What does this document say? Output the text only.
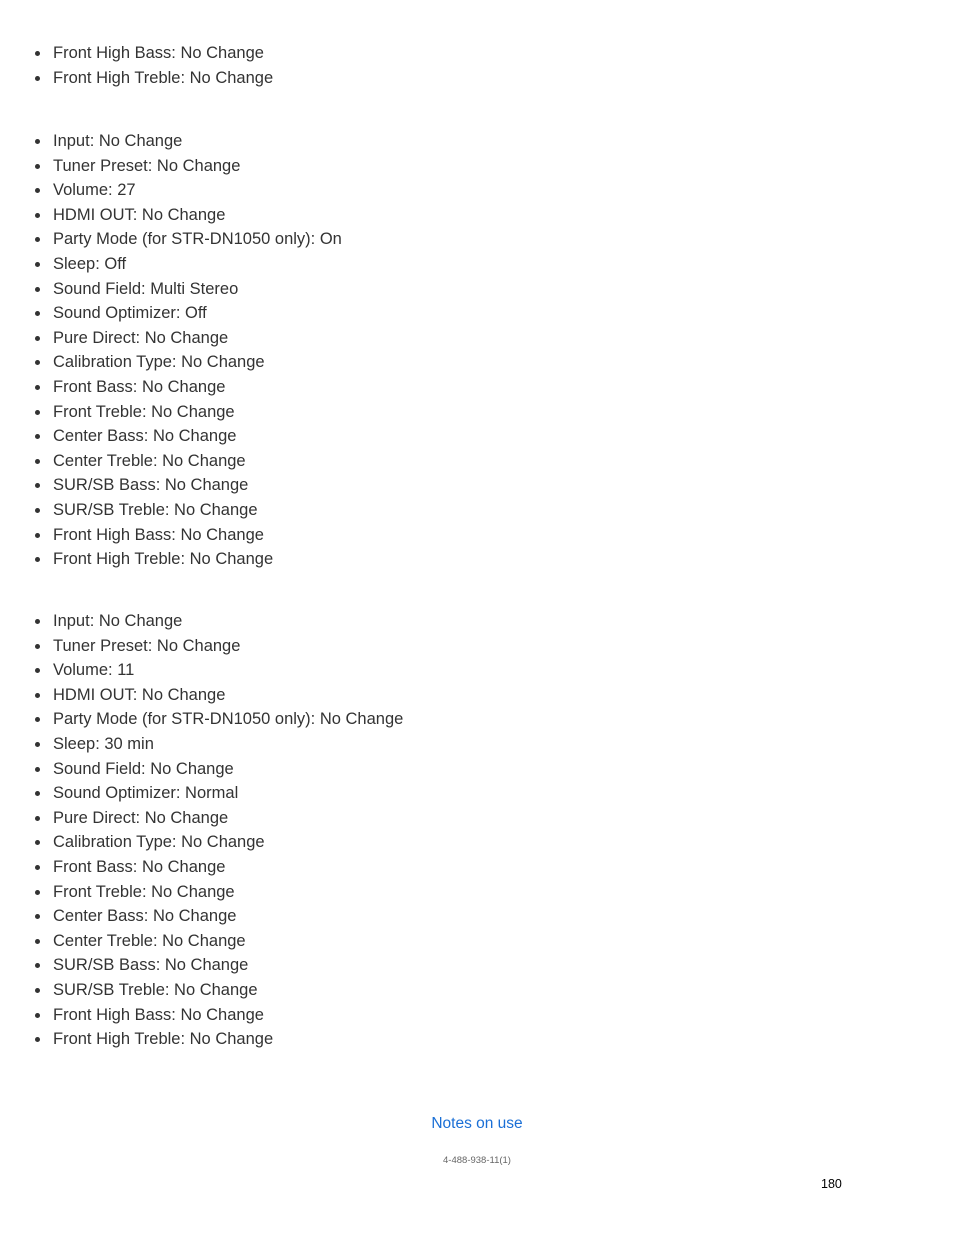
Front High Bass: No Change
Front High Treble: No Change
Input: No Change
Tuner Preset: No Change
Volume: 27
HDMI OUT: No Change
Party Mode (for STR-DN1050 only): On
Sleep: Off
Sound Field: Multi Stereo
Sound Optimizer: Off
Pure Direct: No Change
Calibration Type: No Change
Front Bass: No Change
Front Treble: No Change
Center Bass: No Change
Center Treble: No Change
SUR/SB Bass: No Change
SUR/SB Treble: No Change
Front High Bass: No Change
Front High Treble: No Change
Input: No Change
Tuner Preset: No Change
Volume: 11
HDMI OUT: No Change
Party Mode (for STR-DN1050 only): No Change
Sleep: 30 min
Sound Field: No Change
Sound Optimizer: Normal
Pure Direct: No Change
Calibration Type: No Change
Front Bass: No Change
Front Treble: No Change
Center Bass: No Change
Center Treble: No Change
SUR/SB Bass: No Change
SUR/SB Treble: No Change
Front High Bass: No Change
Front High Treble: No Change
Notes on use
4-488-938-11(1)
180
